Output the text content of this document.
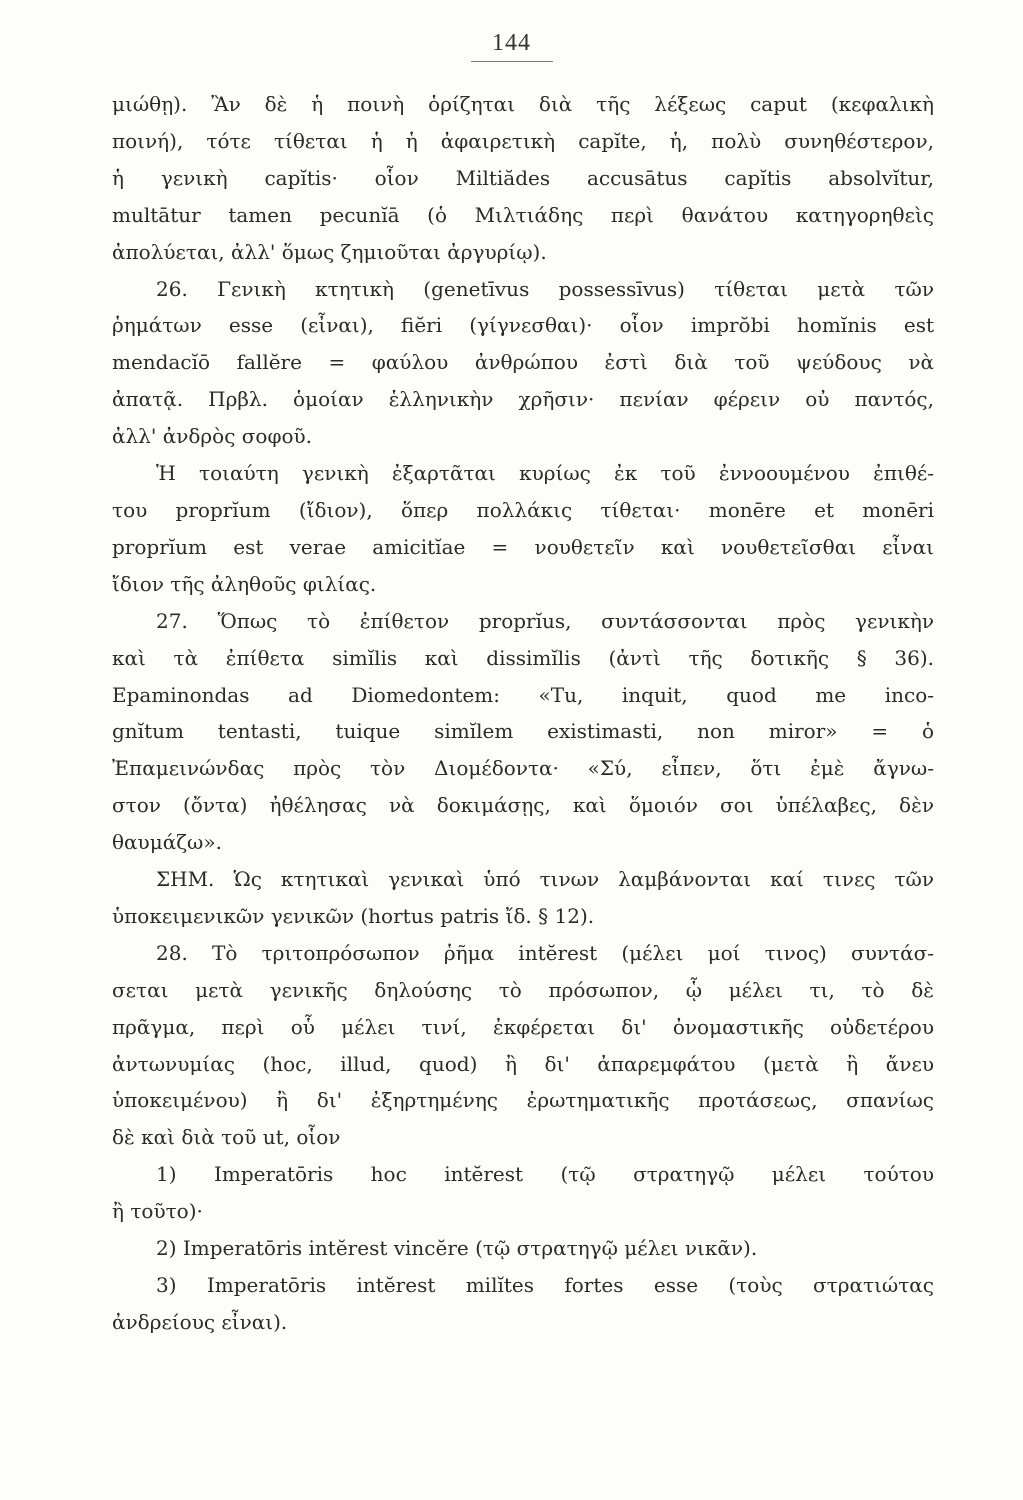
144
μιώθῃ). Ἂν δὲ ἡ ποινὴ ὁρίζηται διὰ τῆς λέξεως caput (κεφαλικὴ
ποινή), τότε τίθεται ἡ ἡ ἀφαιρετικὴ capĭte, ἡ, πολὺ συνηθέστερον,
ἡ γενικὴ capĭtis· οἷον Miltiădes accusātus capĭtis absolvĭtur,
multātur tamen pecunĭā (ὁ Μιλτιάδης περὶ θανάτου κατηγορηθεὶς
ἀπολύεται, ἀλλ' ὅμως ζημιοῦται ἀργυρίῳ).
26. Γενικὴ κτητικὴ (genetīvus possessīvus) τίθεται μετὰ τῶν
ῥημάτων esse (εἶναι), fiĕri (γίγνεσθαι)· οἷον imprŏbi homĭnis est
mendacĭō fallĕre = φαύλου ἀνθρώπου ἐστὶ διὰ τοῦ ψεύδους νὰ
ἀπατᾷ. Πρβλ. ὁμοίαν ἑλληνικὴν χρῆσιν· πενίαν φέρειν οὐ παντός,
ἀλλ' ἀνδρὸς σοφοῦ.
Ἡ τοιαύτη γενικὴ ἐξαρτᾶται κυρίως ἐκ τοῦ ἐννοουμένου ἐπιθέ-
του proprĭum (ἴδιον), ὅπερ πολλάκις τίθεται· monēre et monēri
proprĭum est verae amicitĭae = νουθετεῖν καὶ νουθετεῖσθαι εἶναι
ἴδιον τῆς ἀληθοῦς φιλίας.
27. Ὅπως τὸ ἐπίθετον proprĭus, συντάσσονται πρὸς γενικὴν
καὶ τὰ ἐπίθετα simĭlis καὶ dissimĭlis (ἀντὶ τῆς δοτικῆς § 36).
Epaminondas ad Diomedontem: «Tu, inquit, quod me inco-
gnĭtum tentasti, tuique simĭlem existimasti, non miror» = ὁ
Ἐπαμεινώνδας πρὸς τὸν Διομέδοντα· «Σύ, εἶπεν, ὅτι ἐμὲ ἄγνω-
στον (ὄντα) ἠθέλησας νὰ δοκιμάσῃς, καὶ ὅμοιόν σοι ὑπέλαβες, δὲν
θαυμάζω».
ΣΗΜ. Ὡς κτητικαὶ γενικαὶ ὑπό τινων λαμβάνονται καί τινες τῶν
ὑποκειμενικῶν γενικῶν (hortus patris ἴδ. § 12).
28. Τὸ τριτοπρόσωπον ῥῆμα intĕrest (μέλει μοί τινος) συντάσ-
σεται μετὰ γενικῆς δηλούσης τὸ πρόσωπον, ᾧ μέλει τι, τὸ δὲ
πρᾶγμα, περὶ οὗ μέλει τινί, ἐκφέρεται δι' ὀνομαστικῆς οὐδετέρου
ἀντωνυμίας (hoc, illud, quod) ἢ δι' ἀπαρεμφάτου (μετὰ ἢ ἄνευ
ὑποκειμένου) ἢ δι' ἐξηρτημένης ἐρωτηματικῆς προτάσεως, σπανίως
δὲ καὶ διὰ τοῦ ut, οἷον
1) Imperatōris hoc intĕrest (τῷ στρατηγῷ μέλει τούτου
ἢ τοῦτο)·
2) Imperatōris intĕrest vincĕre (τῷ στρατηγῷ μέλει νικᾶν).
3) Imperatōris intĕrest milĭtes fortes esse (τοὺς στρατιώτας
ἀνδρείους εἶναι).
